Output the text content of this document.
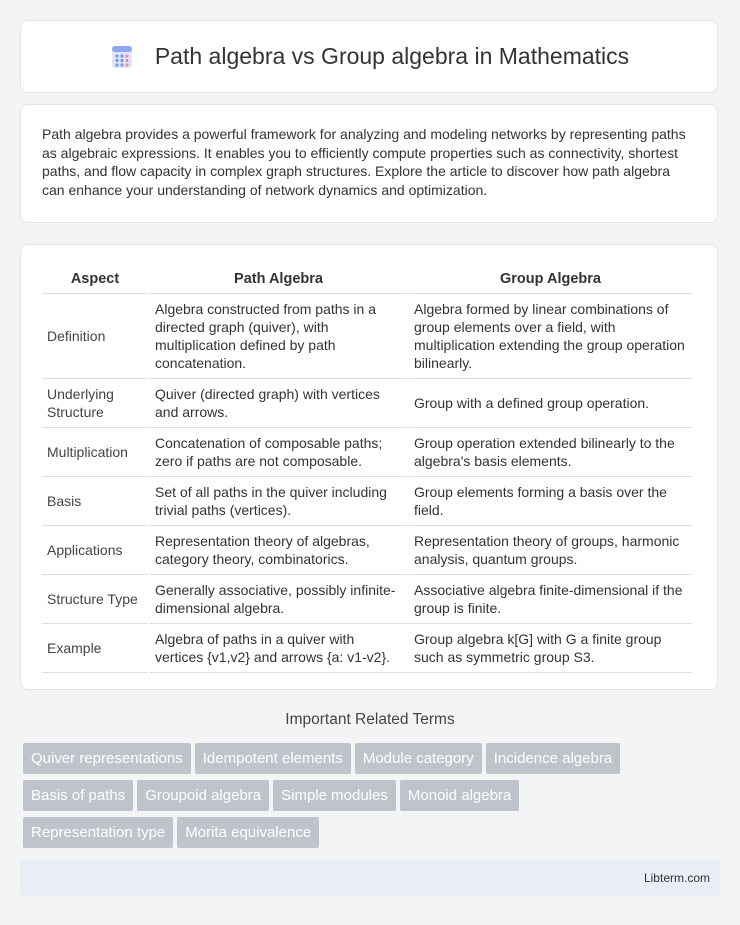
Path algebra vs Group algebra in Mathematics

Path algebra provides a powerful framework for analyzing and modeling networks by representing paths as algebraic expressions. It enables you to efficiently compute properties such as connectivity, shortest paths, and flow capacity in complex graph structures. Explore the article to discover how path algebra can enhance your understanding of network dynamics and optimization.

Aspect	Path Algebra	Group Algebra
Definition	Algebra constructed from paths in a directed graph (quiver), with multiplication defined by path concatenation.	Algebra formed by linear combinations of group elements over a field, with multiplication extending the group operation bilinearly.
Underlying Structure	Quiver (directed graph) with vertices and arrows.	Group with a defined group operation.
Multiplication	Concatenation of composable paths; zero if paths are not composable.	Group operation extended bilinearly to the algebra's basis elements.
Basis	Set of all paths in the quiver including trivial paths (vertices).	Group elements forming a basis over the field.
Applications	Representation theory of algebras, category theory, combinatorics.	Representation theory of groups, harmonic analysis, quantum groups.
Structure Type	Generally associative, possibly infinite-dimensional algebra.	Associative algebra finite-dimensional if the group is finite.
Example	Algebra of paths in a quiver with vertices {v1,v2} and arrows {a: v1-v2}.	Group algebra k[G] with G a finite group such as symmetric group S3.
Important Related Terms
Quiver representations Idempotent elements Module category Incidence algebra
Basis of paths Groupoid algebra Simple modules Monoid algebra
Representation type Morita equivalence
Libterm.com
